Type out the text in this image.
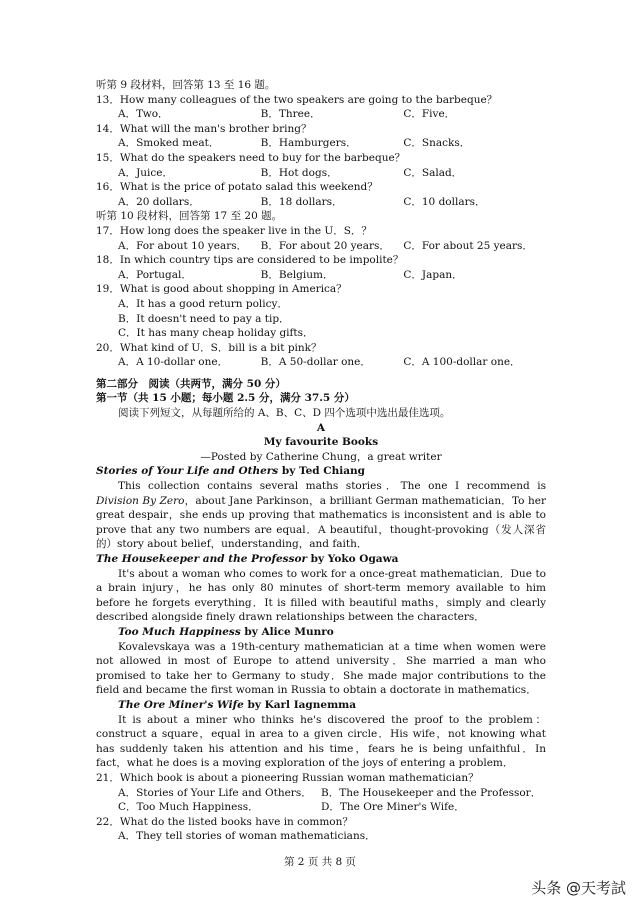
听第 9 段材料，回答第 13 至 16 题。
13．How many colleagues of the two speakers are going to the barbeque？
A．Two．	B．Three．	C．Five．
14．What will the man's brother bring？
A．Smoked meat．	B．Hamburgers．	C．Snacks．
15．What do the speakers need to buy for the barbeque？
A．Juice．	B．Hot dogs．	C．Salad．
16．What is the price of potato salad this weekend？
A．20 dollars．	B．18 dollars．	C．10 dollars．
听第 10 段材料，回答第 17 至 20 题。
17．How long does the speaker live in the U．S．？
A．For about 10 years．	B．For about 20 years．	C．For about 25 years．
18．In which country tips are considered to be impolite？
A．Portugal．	B．Belgium．	C．Japan．
19．What is good about shopping in America？
A．It has a good return policy．
B．It doesn't need to pay a tip．
C．It has many cheap holiday gifts．
20．What kind of U．S．bill is a bit pink？
A．A 10-dollar one．	B．A 50-dollar one．	C．A 100-dollar one．
第二部分　阅读（共两节，满分 50 分）
第一节（共 15 小题；每小题 2.5 分，满分 37.5 分）
阅读下列短文，从每题所给的 A、B、C、D 四个选项中选出最佳选项。
A
My favourite Books
—Posted by Catherine Chung，a great writer
Stories of Your Life and Others by Ted Chiang
This collection contains several maths stories．The one I recommend is Division By Zero，about Jane Parkinson，a brilliant German mathematician．To her great despair，she ends up proving that mathematics is inconsistent and is able to prove that any two numbers are equal．A beautiful，thought-provoking（发人深省的）story about belief，understanding，and faith．
The Housekeeper and the Professor by Yoko Ogawa
It's about a woman who comes to work for a once-great mathematician．Due to a brain injury，he has only 80 minutes of short-term memory available to him before he forgets everything．It is filled with beautiful maths，simply and clearly described alongside finely drawn relationships between the characters．
Too Much Happiness by Alice Munro
Kovalevskaya was a 19th-century mathematician at a time when women were not allowed in most of Europe to attend university．She married a man who promised to take her to Germany to study．She made major contributions to the field and became the first woman in Russia to obtain a doctorate in mathematics．
The Ore Miner's Wife by Karl Iagnemma
It is about a miner who thinks he's discovered the proof to the problem：construct a square，equal in area to a given circle．His wife，not knowing what has suddenly taken his attention and his time，fears he is being unfaithful．In fact，what he does is a moving exploration of the joys of entering a problem．
21．Which book is about a pioneering Russian woman mathematician？
A．Stories of Your Life and Others． B．The Housekeeper and the Professor．
C．Too Much Happiness．	D．The Ore Miner's Wife．
22．What do the listed books have in common？
A．They tell stories of woman mathematicians．
第 2 页 共 8 页
头条 @天考試
